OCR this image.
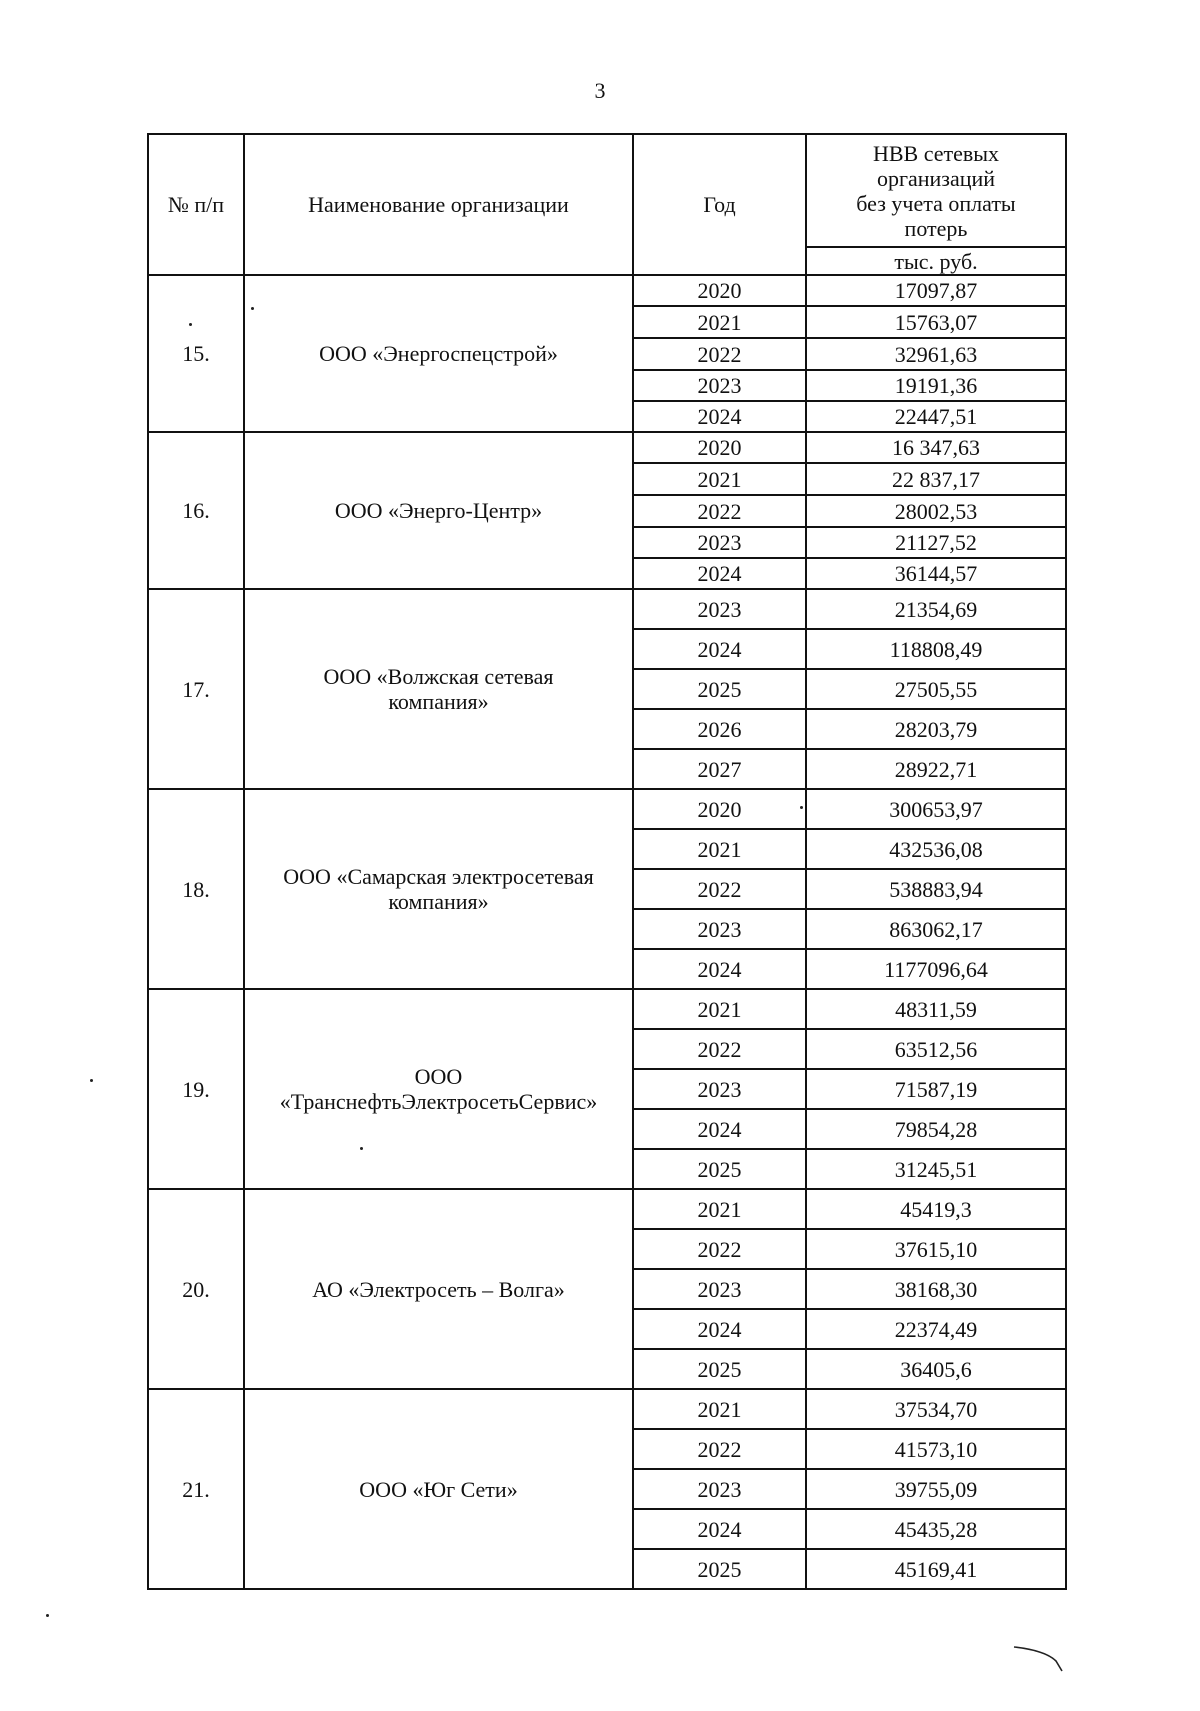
3
№ п/п	Наименование организации	Год	НВВ сетевых
организаций
без учета оплаты
потерь

			тыс. руб.
15.	ООО «Энергоспецстрой»	2020	17097,87
		2021	15763,07
		2022	32961,63
		2023	19191,36
		2024	22447,51
16.	ООО «Энерго-Центр»	2020	16 347,63
		2021	22 837,17
		2022	28002,53
		2023	21127,52
		2024	36144,57
17.	ООО «Волжская сетевая
компания»	2023	21354,69
		2024	118808,49
		2025	27505,55
		2026	28203,79
		2027	28922,71
18.	ООО «Самарская электросетевая
компания»	2020	300653,97
		2021	432536,08
		2022	538883,94
		2023	863062,17
		2024	1177096,64
19.	ООО
«ТранснефтьЭлектросетьСервис»	2021	48311,59
		2022	63512,56
		2023	71587,19
		2024	79854,28
		2025	31245,51
20.	АО «Электросеть – Волга»	2021	45419,3
		2022	37615,10
		2023	38168,30
		2024	22374,49
		2025	36405,6
21.	ООО «Юг Сети»	2021	37534,70
		2022	41573,10
		2023	39755,09
		2024	45435,28
		2025	45169,41
